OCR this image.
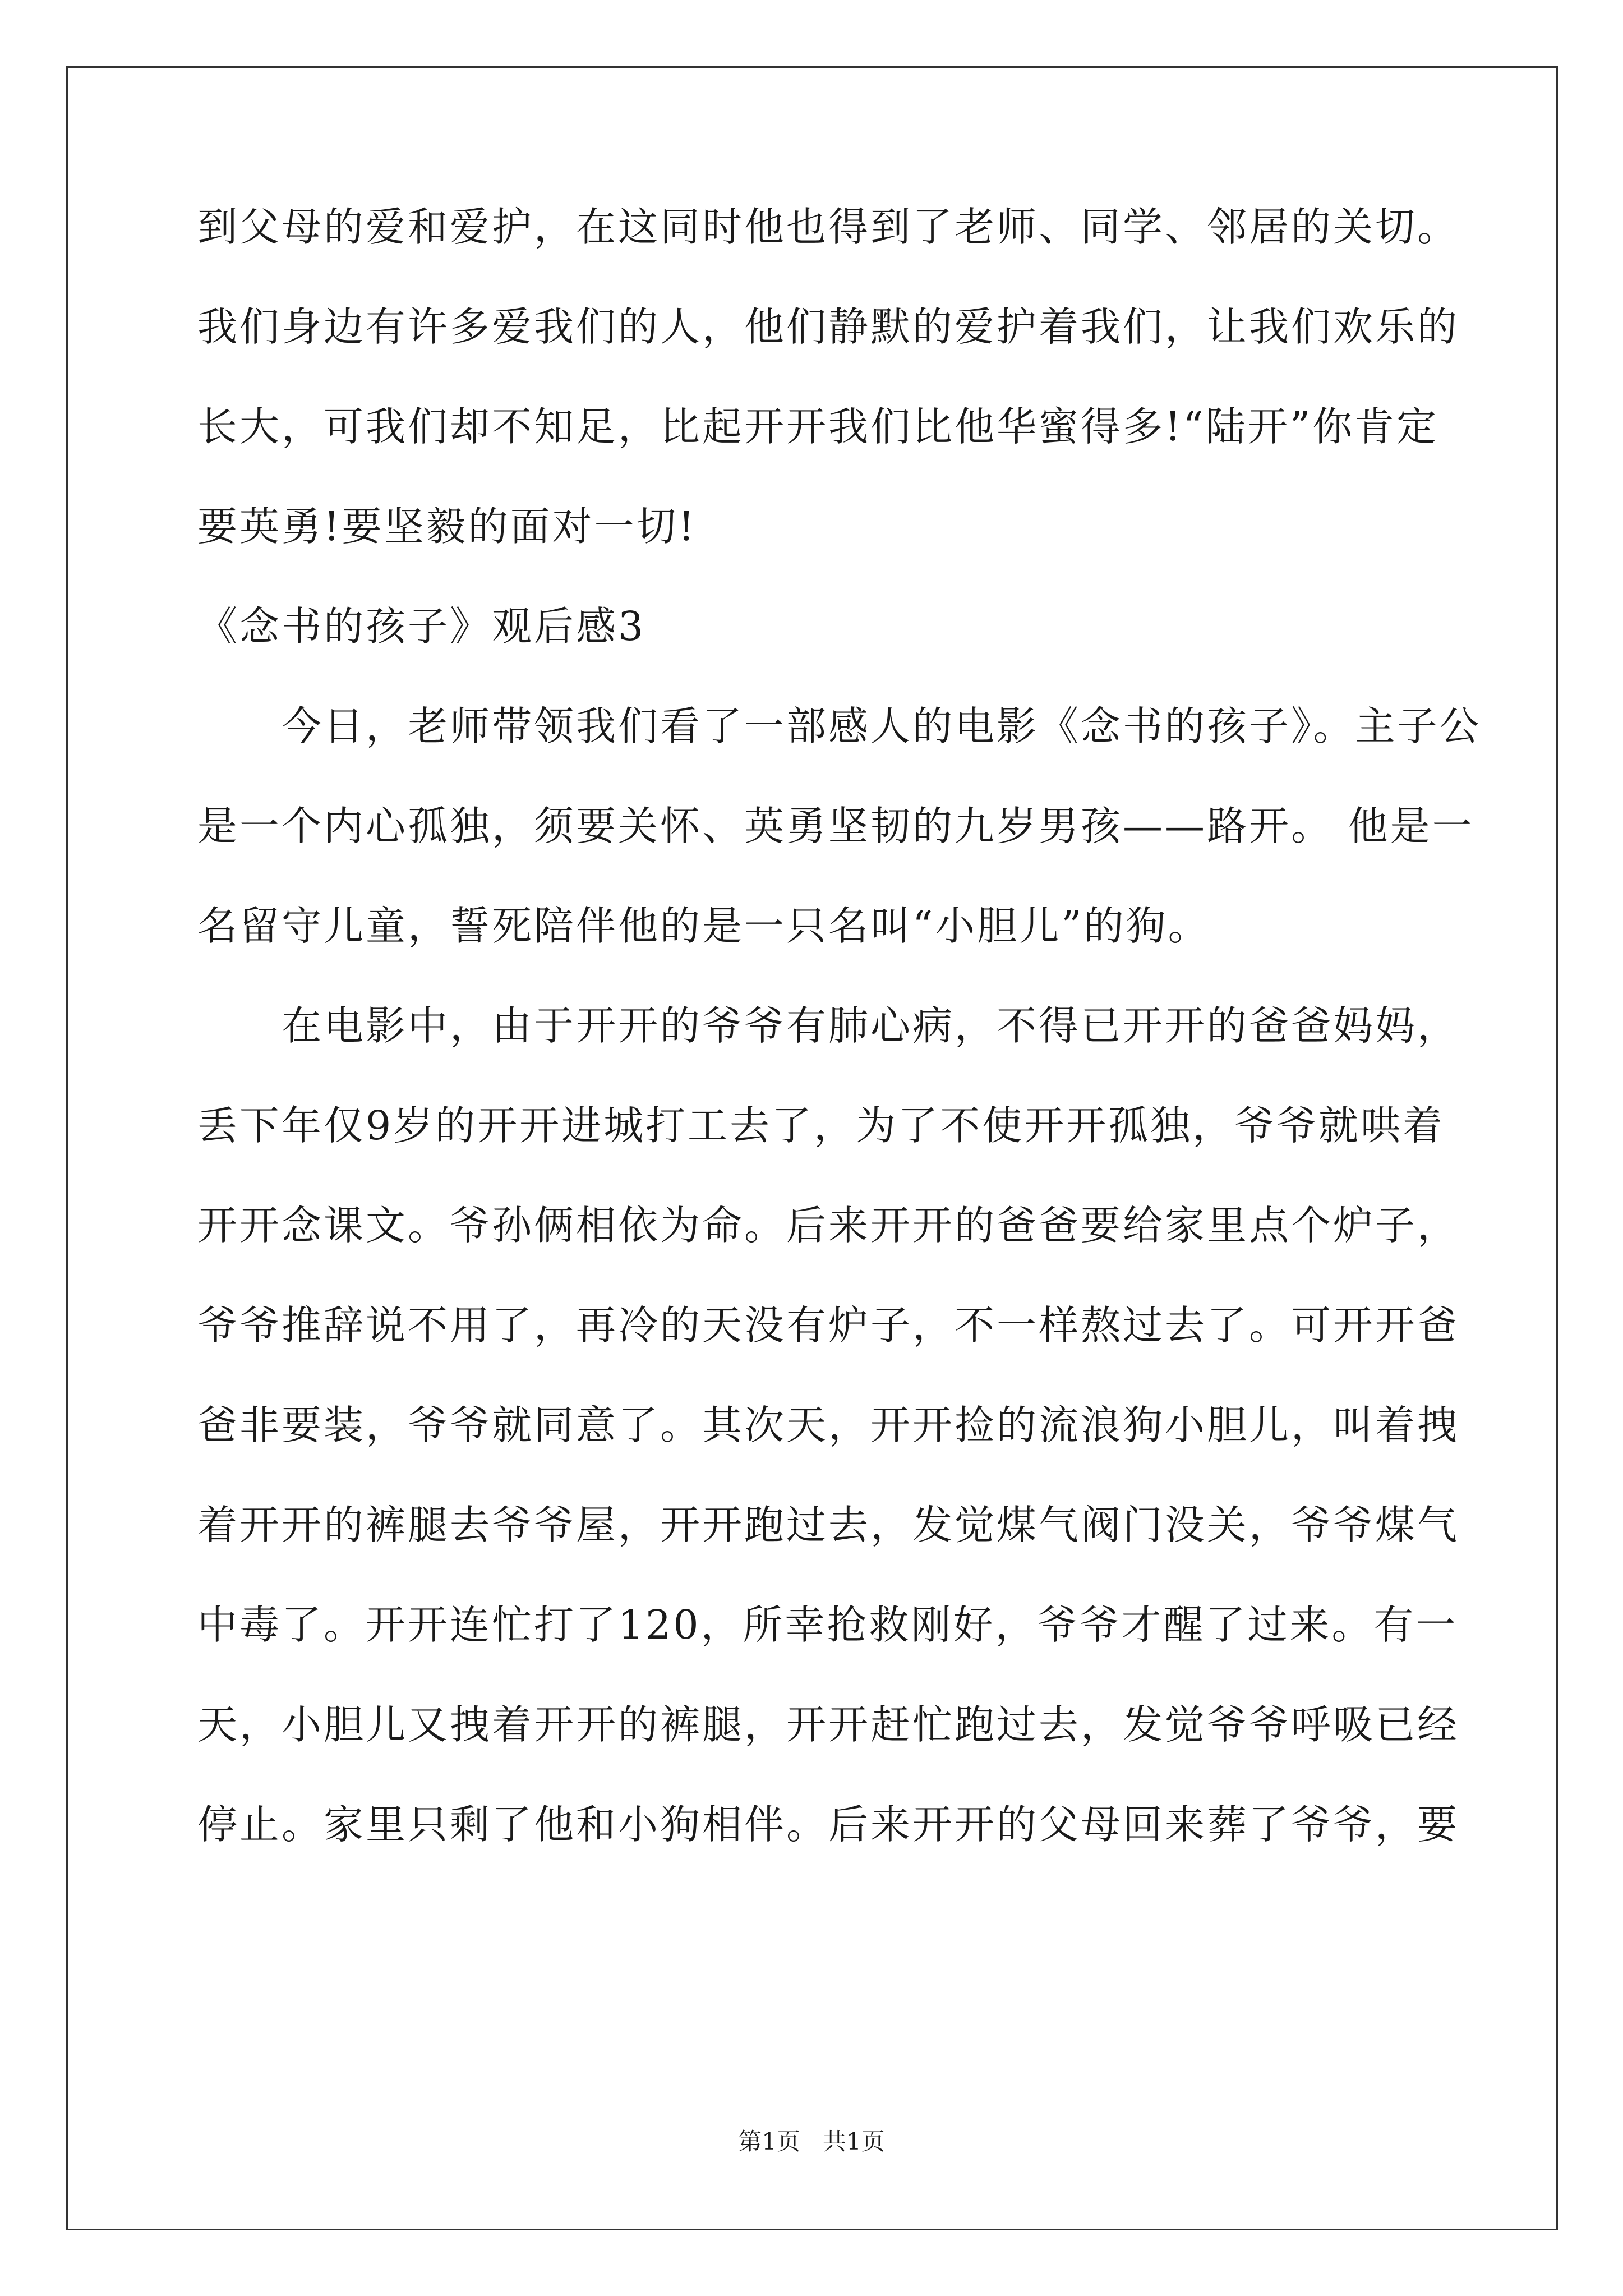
到父母的爱和爱护，在这同时他也得到了老师、同学、邻居的关切。
我们身边有许多爱我们的人，他们静默的爱护着我们，让我们欢乐的
长大，可我们却不知足，比起开开我们比他华蜜得多!“陆开”你肯定
要英勇!要坚毅的面对一切!
《念书的孩子》观后感3
今日，老师带领我们看了一部感人的电影《念书的孩子》。主子公
是一个内心孤独，须要关怀、英勇坚韧的九岁男孩——路开。 他是一
名留守儿童，誓死陪伴他的是一只名叫“小胆儿”的狗。
在电影中，由于开开的爷爷有肺心病，不得已开开的爸爸妈妈，
丢下年仅9岁的开开进城打工去了，为了不使开开孤独，爷爷就哄着
开开念课文。爷孙俩相依为命。后来开开的爸爸要给家里点个炉子，
爷爷推辞说不用了，再冷的天没有炉子，不一样熬过去了。可开开爸
爸非要装，爷爷就同意了。其次天，开开捡的流浪狗小胆儿，叫着拽
着开开的裤腿去爷爷屋，开开跑过去，发觉煤气阀门没关，爷爷煤气
中毒了。开开连忙打了120，所幸抢救刚好，爷爷才醒了过来。有一
天，小胆儿又拽着开开的裤腿，开开赶忙跑过去，发觉爷爷呼吸已经
停止。家里只剩了他和小狗相伴。后来开开的父母回来葬了爷爷，要
第1页   共1页
